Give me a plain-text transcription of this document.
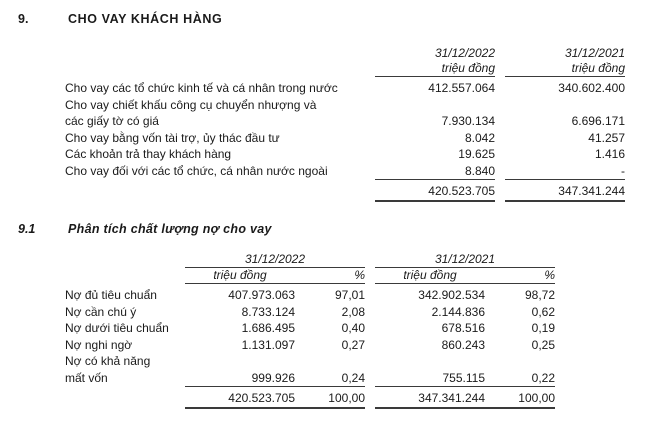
9.	CHO VAY KHÁCH HÀNG
	31/12/2022		31/12/2021
	triệu đồng		triệu đồng

Cho vay các tổ chức kinh tế và cá nhân trong nước	412.557.064		340.602.400
Cho vay chiết khấu công cụ chuyển nhượng và			
các giấy tờ có giá	7.930.134		6.696.171
Cho vay bằng vốn tài trợ, ủy thác đầu tư	8.042		41.257
Các khoản trả thay khách hàng	19.625		1.416
Cho vay đối với các tổ chức, cá nhân nước ngoài	8.840		-

	420.523.705		347.341.244
9.1	Phân tích chất lượng nợ cho vay
	31/12/2022			31/12/2021	
	triệu đồng	%		triệu đồng	%

Nợ đủ tiêu chuẩn	407.973.063	97,01		342.902.534	98,72
Nợ cần chú ý	8.733.124	2,08		2.144.836	0,62
Nợ dưới tiêu chuẩn	1.686.495	0,40		678.516	0,19
Nợ nghi ngờ	1.131.097	0,27		860.243	0,25
Nợ có khả năng					
mất vốn	999.926	0,24		755.115	0,22

	420.523.705	100,00		347.341.244	100,00
